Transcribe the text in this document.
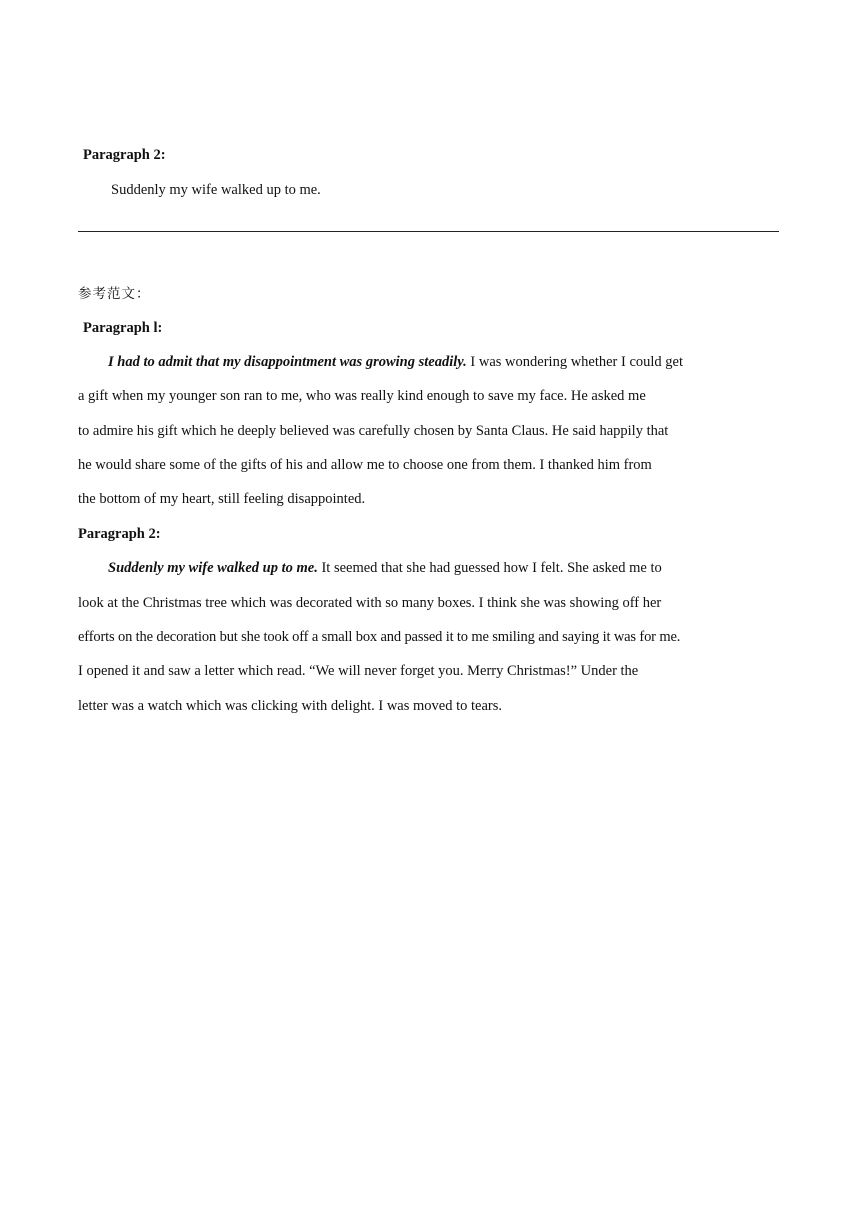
Paragraph 2:
Suddenly my wife walked up to me.
参考范文：
Paragraph l:
I had to admit that my disappointment was growing steadily. I was wondering whether I could get
a gift when my younger son ran to me, who was really kind enough to save my face. He asked me
to admire his gift which he deeply believed was carefully chosen by Santa Claus. He said happily that
he would share some of the gifts of his and allow me to choose one from them. I thanked him from
the bottom of my heart, still feeling disappointed.
Paragraph 2:
Suddenly my wife walked up to me. It seemed that she had guessed how I felt. She asked me to
look at the Christmas tree which was decorated with so many boxes. I think she was showing off her
efforts on the decoration but she took off a small box and passed it to me smiling and saying it was for me.
I opened it and saw a letter which read. “We will never forget you. Merry Christmas!” Under the
letter was a watch which was clicking with delight. I was moved to tears.
